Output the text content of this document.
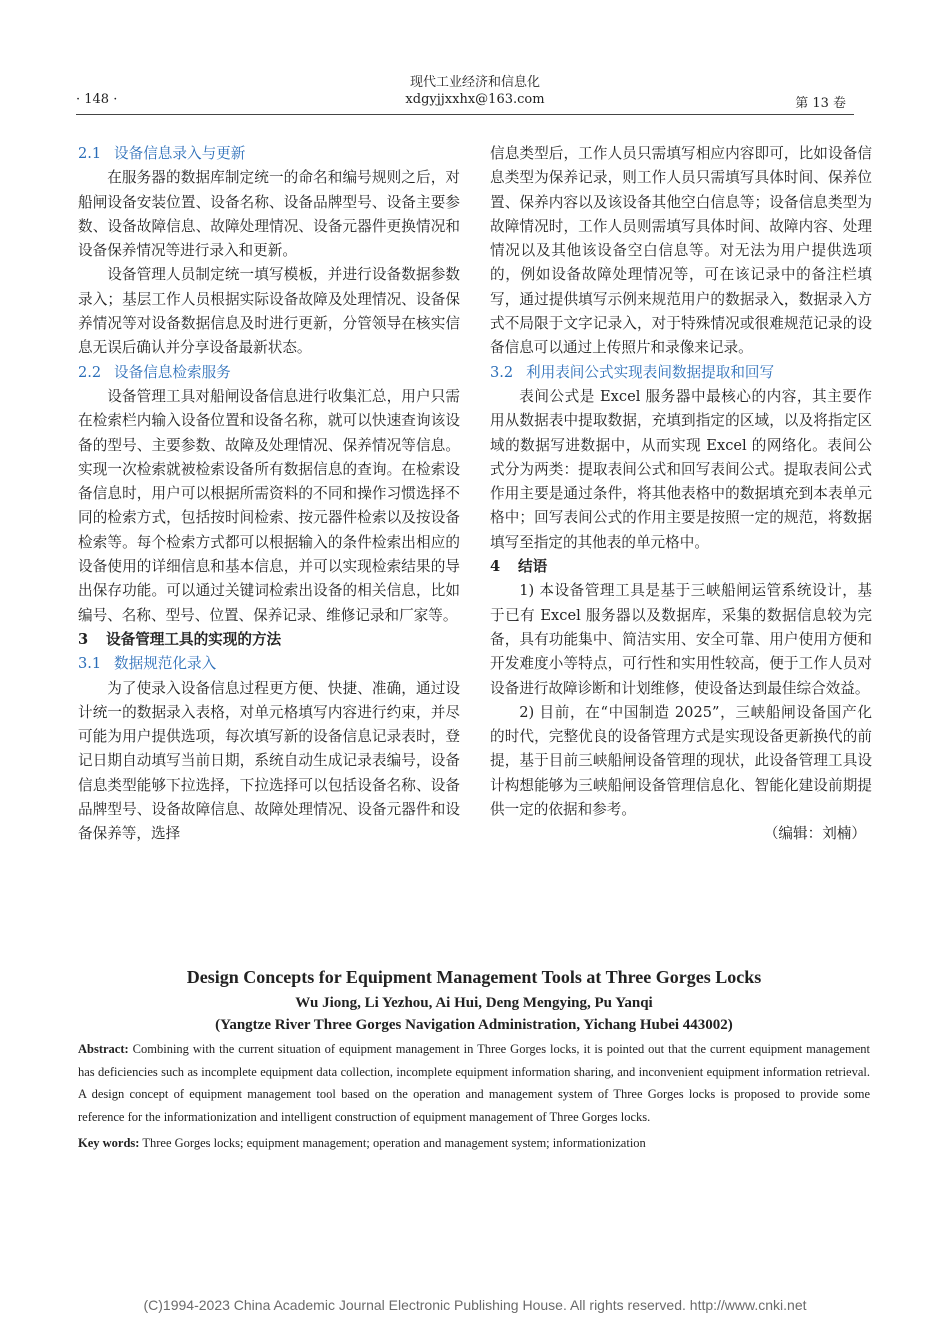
· 148 ·
现代工业经济和信息化
xdgyjjxxhx@163.com	第 13 卷
2.1 设备信息录入与更新

在服务器的数据库制定统一的命名和编号规则之后，对船闸设备安装位置、设备名称、设备品牌型号、设备主要参数、设备故障信息、故障处理情况、设备元器件更换情况和设备保养情况等进行录入和更新。

设备管理人员制定统一填写模板，并进行设备数据参数录入；基层工作人员根据实际设备故障及处理情况、设备保养情况等对设备数据信息及时进行更新，分管领导在核实信息无误后确认并分享设备最新状态。

2.2 设备信息检索服务

设备管理工具对船闸设备信息进行收集汇总，用户只需在检索栏内输入设备位置和设备名称，就可以快速查询该设备的型号、主要参数、故障及处理情况、保养情况等信息。实现一次检索就被检索设备所有数据信息的查询。在检索设备信息时，用户可以根据所需资料的不同和操作习惯选择不同的检索方式，包括按时间检索、按元器件检索以及按设备检索等。每个检索方式都可以根据输入的条件检索出相应的设备使用的详细信息和基本信息，并可以实现检索结果的导出保存功能。可以通过关键词检索出设备的相关信息，比如编号、名称、型号、位置、保养记录、维修记录和厂家等。

3 设备管理工具的实现的方法
3.1 数据规范化录入

为了使录入设备信息过程更方便、快捷、准确，通过设计统一的数据录入表格，对单元格填写内容进行约束，并尽可能为用户提供选项，每次填写新的设备信息记录表时，登记日期自动填写当前日期，系统自动生成记录表编号，设备信息类型能够下拉选择，下拉选择可以包括设备名称、设备品牌型号、设备故障信息、故障处理情况、设备元器件和设备保养等，选择

信息类型后，工作人员只需填写相应内容即可，比如设备信息类型为保养记录，则工作人员只需填写具体时间、保养位置、保养内容以及该设备其他空白信息等；设备信息类型为故障情况时，工作人员则需填写具体时间、故障内容、处理情况以及其他该设备空白信息等。对无法为用户提供选项的，例如设备故障处理情况等，可在该记录中的备注栏填写，通过提供填写示例来规范用户的数据录入，数据录入方式不局限于文字记录入，对于特殊情况或很难规范记录的设备信息可以通过上传照片和录像来记录。

3.2 利用表间公式实现表间数据提取和回写

表间公式是 Excel 服务器中最核心的内容，其主要作用从数据表中提取数据，充填到指定的区域，以及将指定区域的数据写进数据中，从而实现 Excel 的网络化。表间公式分为两类：提取表间公式和回写表间公式。提取表间公式作用主要是通过条件，将其他表格中的数据填充到本表单元格中；回写表间公式的作用主要是按照一定的规范，将数据填写至指定的其他表的单元格中。

4 结语

1) 本设备管理工具是基于三峡船闸运管系统设计，基于已有 Excel 服务器以及数据库，采集的数据信息较为完备，具有功能集中、简洁实用、安全可靠、用户使用方便和开发难度小等特点，可行性和实用性较高，便于工作人员对设备进行故障诊断和计划维修，使设备达到最佳综合效益。

2) 目前，在“中国制造 2025”，三峡船闸设备国产化的时代，完整优良的设备管理方式是实现设备更新换代的前提，基于目前三峡船闸设备管理的现状，此设备管理工具设计构想能够为三峡船闸设备管理信息化、智能化建设前期提供一定的依据和参考。

（编辑：刘楠）

Design Concepts for Equipment Management Tools at Three Gorges Locks
Wu Jiong, Li Yezhou, Ai Hui, Deng Mengying, Pu Yanqi
(Yangtze River Three Gorges Navigation Administration, Yichang Hubei 443002)
Abstract: Combining with the current situation of equipment management in Three Gorges locks, it is pointed out that the current equipment management has deficiencies such as incomplete equipment data collection, incomplete equipment information sharing, and inconvenient equipment information retrieval. A design concept of equipment management tool based on the operation and management system of Three Gorges locks is proposed to provide some reference for the informationization and intelligent construction of equipment management of Three Gorges locks.
Key words: Three Gorges locks; equipment management; operation and management system; informationization
(C)1994-2023 China Academic Journal Electronic Publishing House. All rights reserved. http://www.cnki.net
